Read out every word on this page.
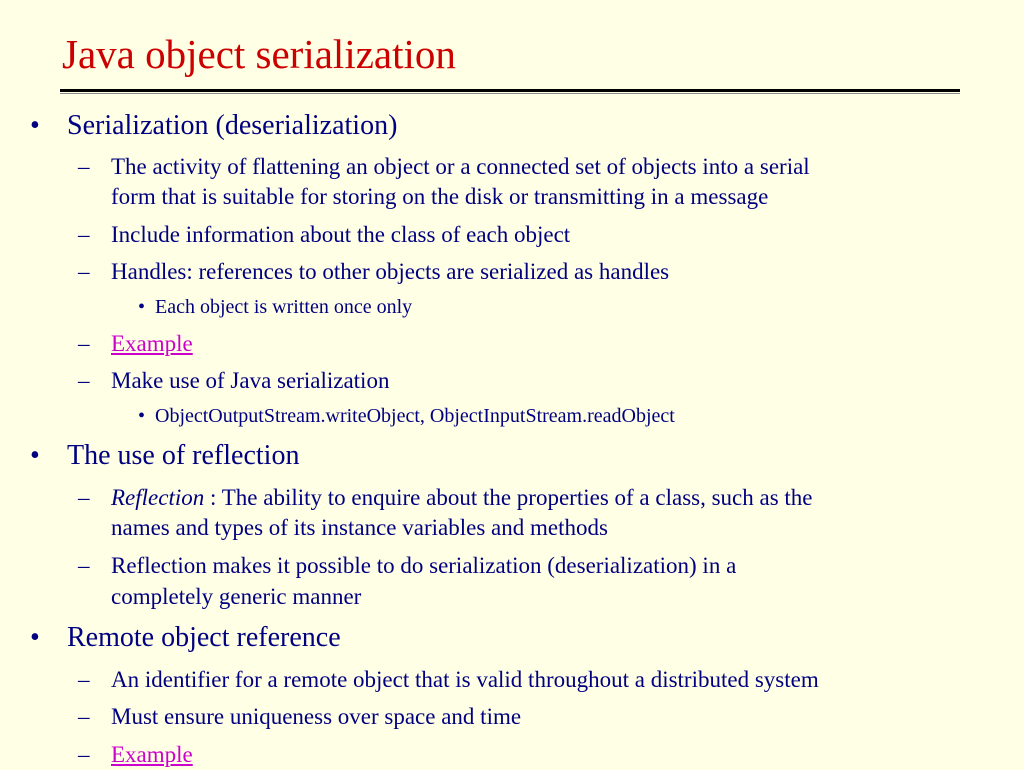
Java object serialization
• Serialization (deserialization)
– The activity of flattening an object or a connected set of objects into a serial
form that is suitable for storing on the disk or transmitting in a message
– Include information about the class of each object
– Handles: references to other objects are serialized as handles
• Each object is written once only
– Example
– Make use of Java serialization
• ObjectOutputStream.writeObject, ObjectInputStream.readObject
• The use of reflection
– Reflection : The ability to enquire about the properties of a class, such as the
names and types of its instance variables and methods
– Reflection makes it possible to do serialization (deserialization) in a
completely generic manner
• Remote object reference
– An identifier for a remote object that is valid throughout a distributed system
– Must ensure uniqueness over space and time
– Example
